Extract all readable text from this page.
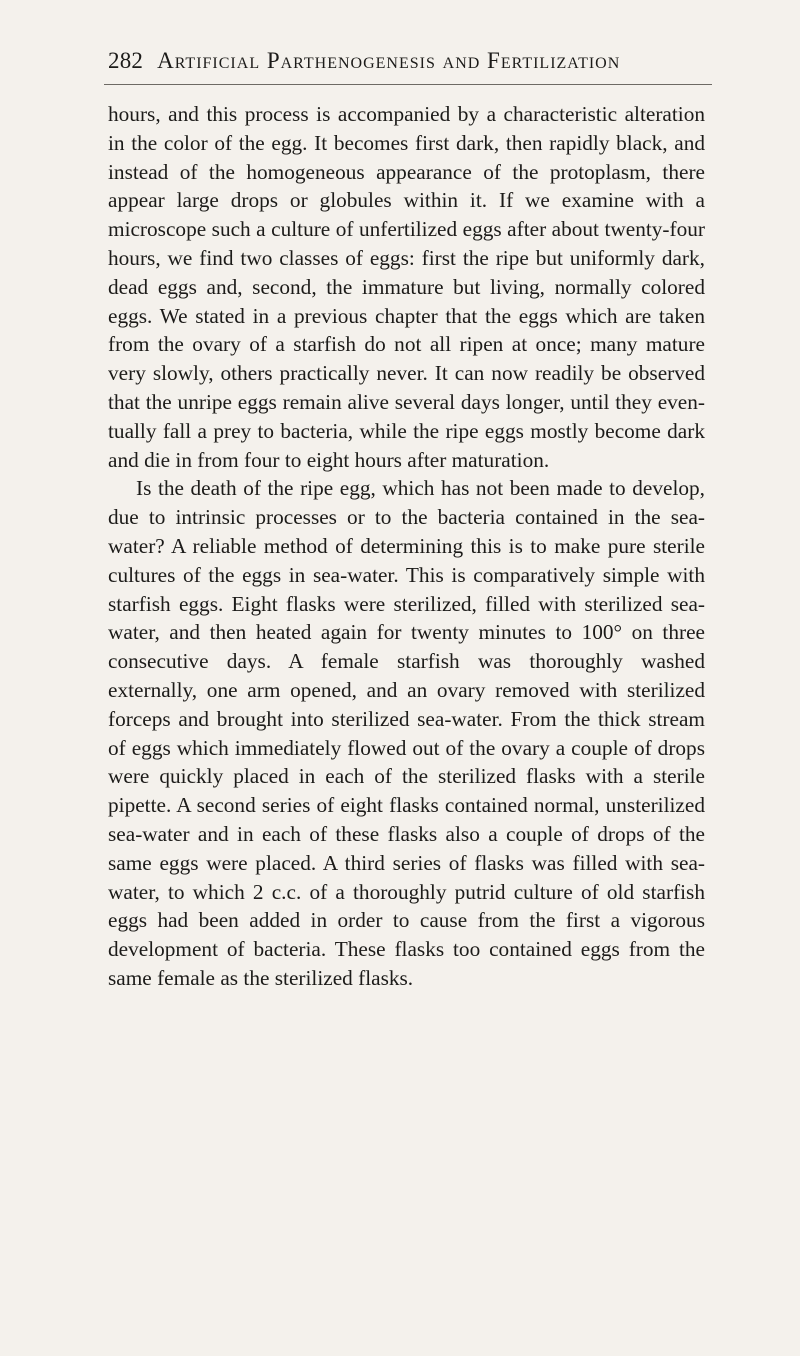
282 Artificial Parthenogenesis and Fertilization

hours, and this process is accompanied by a characteristic alteration in the color of the egg. It becomes first dark, then rapidly black, and instead of the homogeneous appearance of the protoplasm, there appear large drops or globules within it. If we examine with a microscope such a culture of unfertilized eggs after about twenty-four hours, we find two classes of eggs: first the ripe but uniformly dark, dead eggs and, second, the immature but living, normally colored eggs. We stated in a previous chapter that the eggs which are taken from the ovary of a starfish do not all ripen at once; many mature very slowly, others practically never. It can now readily be observed that the unripe eggs remain alive several days longer, until they even-tually fall a prey to bacteria, while the ripe eggs mostly become dark and die in from four to eight hours after maturation.

Is the death of the ripe egg, which has not been made to develop, due to intrinsic processes or to the bacteria contained in the sea-water? A reliable method of determining this is to make pure sterile cultures of the eggs in sea-water. This is comparatively simple with starfish eggs. Eight flasks were sterilized, filled with sterilized sea-water, and then heated again for twenty minutes to 100° on three consecutive days. A female starfish was thoroughly washed externally, one arm opened, and an ovary removed with sterilized forceps and brought into sterilized sea-water. From the thick stream of eggs which immediately flowed out of the ovary a couple of drops were quickly placed in each of the sterilized flasks with a sterile pipette. A second series of eight flasks contained normal, unsterilized sea-water and in each of these flasks also a couple of drops of the same eggs were placed. A third series of flasks was filled with sea-water, to which 2 c.c. of a thoroughly putrid culture of old starfish eggs had been added in order to cause from the first a vigorous development of bacteria. These flasks too contained eggs from the same female as the sterilized flasks.
